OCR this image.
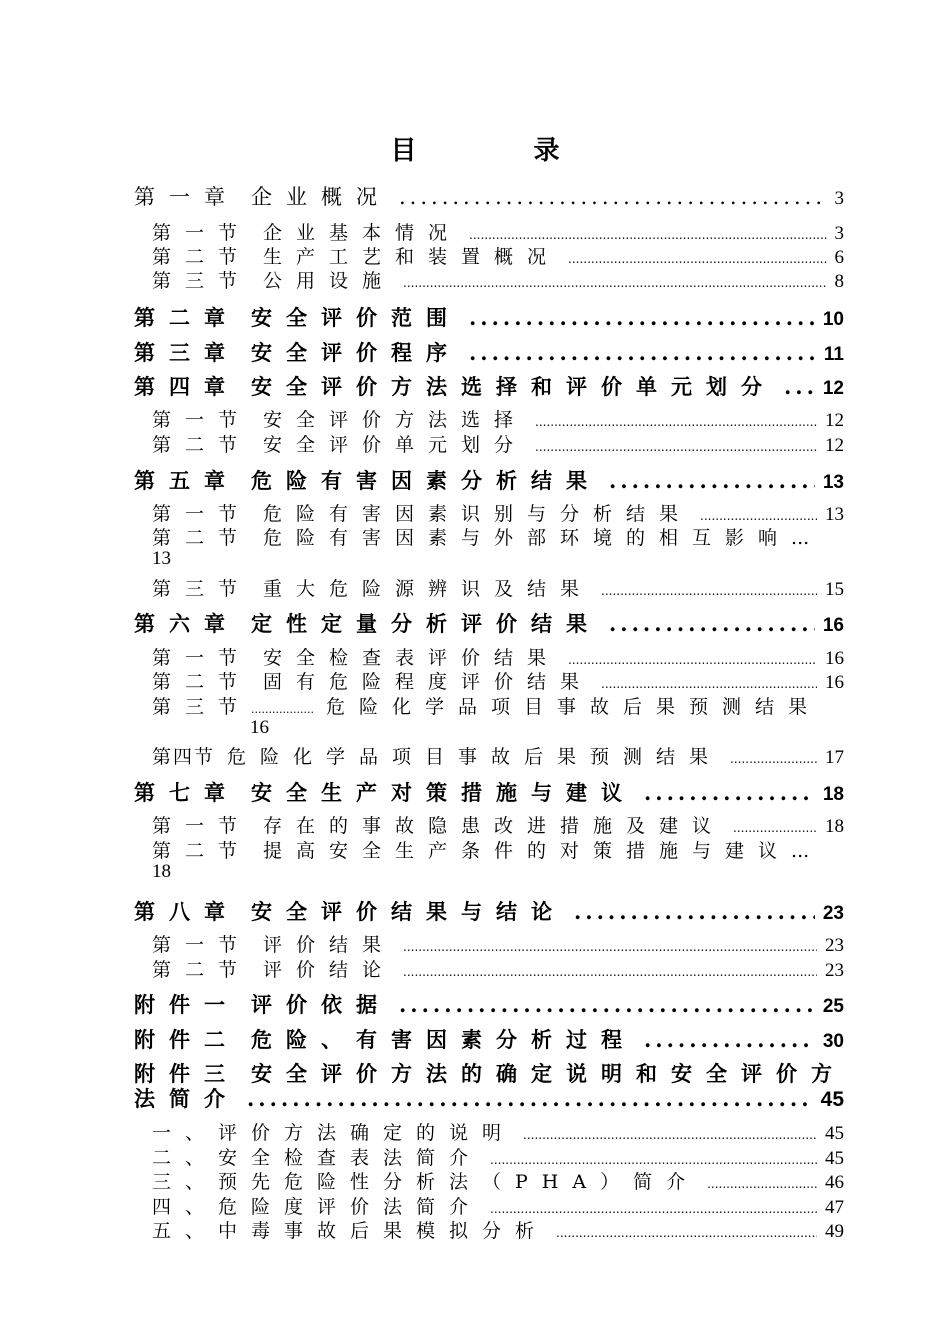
目 录
第一章 企业概况 .....	3
第一节 企业基本情况 .....	3
第二节 生产工艺和装置概况 .....	6
第三节 公用设施 .....	8
第二章 安全评价范围 .....	10
第三章 安全评价程序 .....	11
第四章 安全评价方法选择和评价单元划分 ..... 12
第一节 安全评价方法选择 .....	12
第二节 安全评价单元划分 .....	12
第五章 危险有害因素分析结果 .....	13
第一节 危险有害因素识别与分析结果 .....	13
第二节 危险有害因素与外部环境的相互影响...
13
第三节 重大危险源辨识及结果 .....	15
第六章 定性定量分析评价结果 .....	16
第一节 安全检查表评价结果 .....	16
第二节 固有危险程度评价结果 .....	16
第三节.................. 危险化学品项目事故后果预测结果
16
第四节 危险化学品项目事故后果预测结果 .....	17
第七章 安全生产对策措施与建议 .....	18
第一节 存在的事故隐患改进措施及建议 .....	18
第二节 提高安全生产条件的对策措施与建议...
18
第八章 安全评价结果与结论 .....	23
第一节 评价结果 .....	23
第二节 评价结论 .....	23
附件一 评价依据 .....	25
附件二 危险、有害因素分析过程 .....	30
附件三 安全评价方法的确定说明和安全评价方
法简介 .....	45
一、 评价方法确定的说明 .....	45
二、 安全检查表法简介 .....	45
三、 预先危险性分析法（PHA）简介 .....	46
四、 危险度评价法简介 .....	47
五、 中毒事故后果模拟分析 .....	49
